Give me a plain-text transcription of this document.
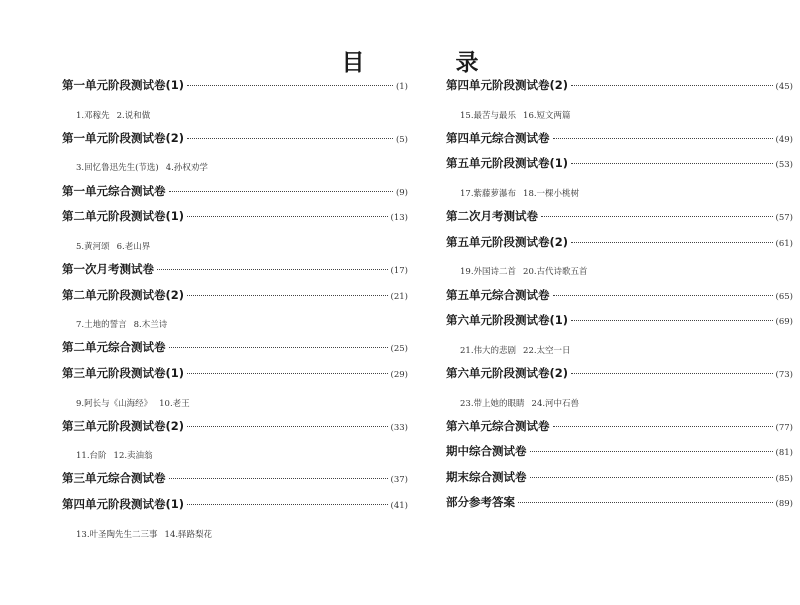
目　录
第一单元阶段测试卷(1)	(1)
1.邓稼先 2.说和做
第一单元阶段测试卷(2)	(5)
3.回忆鲁迅先生(节选) 4.孙权劝学
第一单元综合测试卷	(9)
第二单元阶段测试卷(1)	(13)
5.黄河颂 6.老山界
第一次月考测试卷	(17)
第二单元阶段测试卷(2)	(21)
7.土地的誓言 8.木兰诗
第二单元综合测试卷	(25)
第三单元阶段测试卷(1)	(29)
9.阿长与《山海经》 10.老王
第三单元阶段测试卷(2)	(33)
11.台阶 12.卖油翁
第三单元综合测试卷	(37)
第四单元阶段测试卷(1)	(41)
13.叶圣陶先生二三事 14.驿路梨花
第四单元阶段测试卷(2)	(45)
15.最苦与最乐 16.短文两篇
第四单元综合测试卷	(49)
第五单元阶段测试卷(1)	(53)
17.紫藤萝瀑布 18.一棵小桃树
第二次月考测试卷	(57)
第五单元阶段测试卷(2)	(61)
19.外国诗二首 20.古代诗歌五首
第五单元综合测试卷	(65)
第六单元阶段测试卷(1)	(69)
21.伟大的悲剧 22.太空一日
第六单元阶段测试卷(2)	(73)
23.带上她的眼睛 24.河中石兽
第六单元综合测试卷	(77)
期中综合测试卷	(81)
期末综合测试卷	(85)
部分参考答案	(89)
